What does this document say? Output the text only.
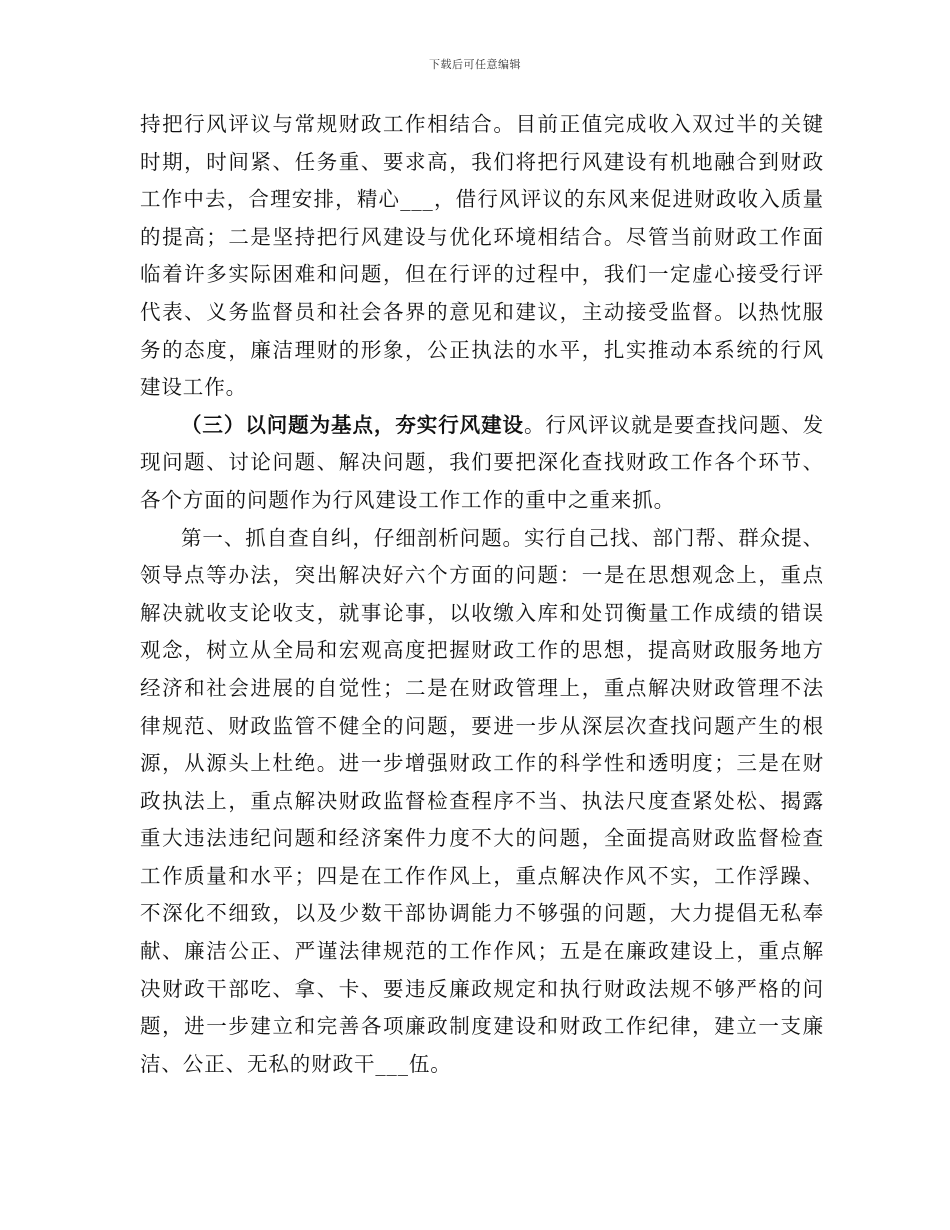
下载后可任意编辑

持把行风评议与常规财政工作相结合。目前正值完成收入双过半的关键时期，时间紧、任务重、要求高，我们将把行风建设有机地融合到财政工作中去，合理安排，精心___，借行风评议的东风来促进财政收入质量的提高；二是坚持把行风建设与优化环境相结合。尽管当前财政工作面临着许多实际困难和问题，但在行评的过程中，我们一定虚心接受行评代表、义务监督员和社会各界的意见和建议，主动接受监督。以热忱服务的态度，廉洁理财的形象，公正执法的水平，扎实推动本系统的行风建设工作。

（三）以问题为基点，夯实行风建设。行风评议就是要查找问题、发现问题、讨论问题、解决问题，我们要把深化查找财政工作各个环节、各个方面的问题作为行风建设工作工作的重中之重来抓。

第一、抓自查自纠，仔细剖析问题。实行自己找、部门帮、群众提、领导点等办法，突出解决好六个方面的问题：一是在思想观念上，重点解决就收支论收支，就事论事，以收缴入库和处罚衡量工作成绩的错误观念，树立从全局和宏观高度把握财政工作的思想，提高财政服务地方经济和社会进展的自觉性；二是在财政管理上，重点解决财政管理不法律规范、财政监管不健全的问题，要进一步从深层次查找问题产生的根源，从源头上杜绝。进一步增强财政工作的科学性和透明度；三是在财政执法上，重点解决财政监督检查程序不当、执法尺度查紧处松、揭露重大违法违纪问题和经济案件力度不大的问题，全面提高财政监督检查工作质量和水平；四是在工作作风上，重点解决作风不实，工作浮躁、不深化不细致，以及少数干部协调能力不够强的问题，大力提倡无私奉献、廉洁公正、严谨法律规范的工作作风；五是在廉政建设上，重点解决财政干部吃、拿、卡、要违反廉政规定和执行财政法规不够严格的问题，进一步建立和完善各项廉政制度建设和财政工作纪律，建立一支廉洁、公正、无私的财政干___伍。
